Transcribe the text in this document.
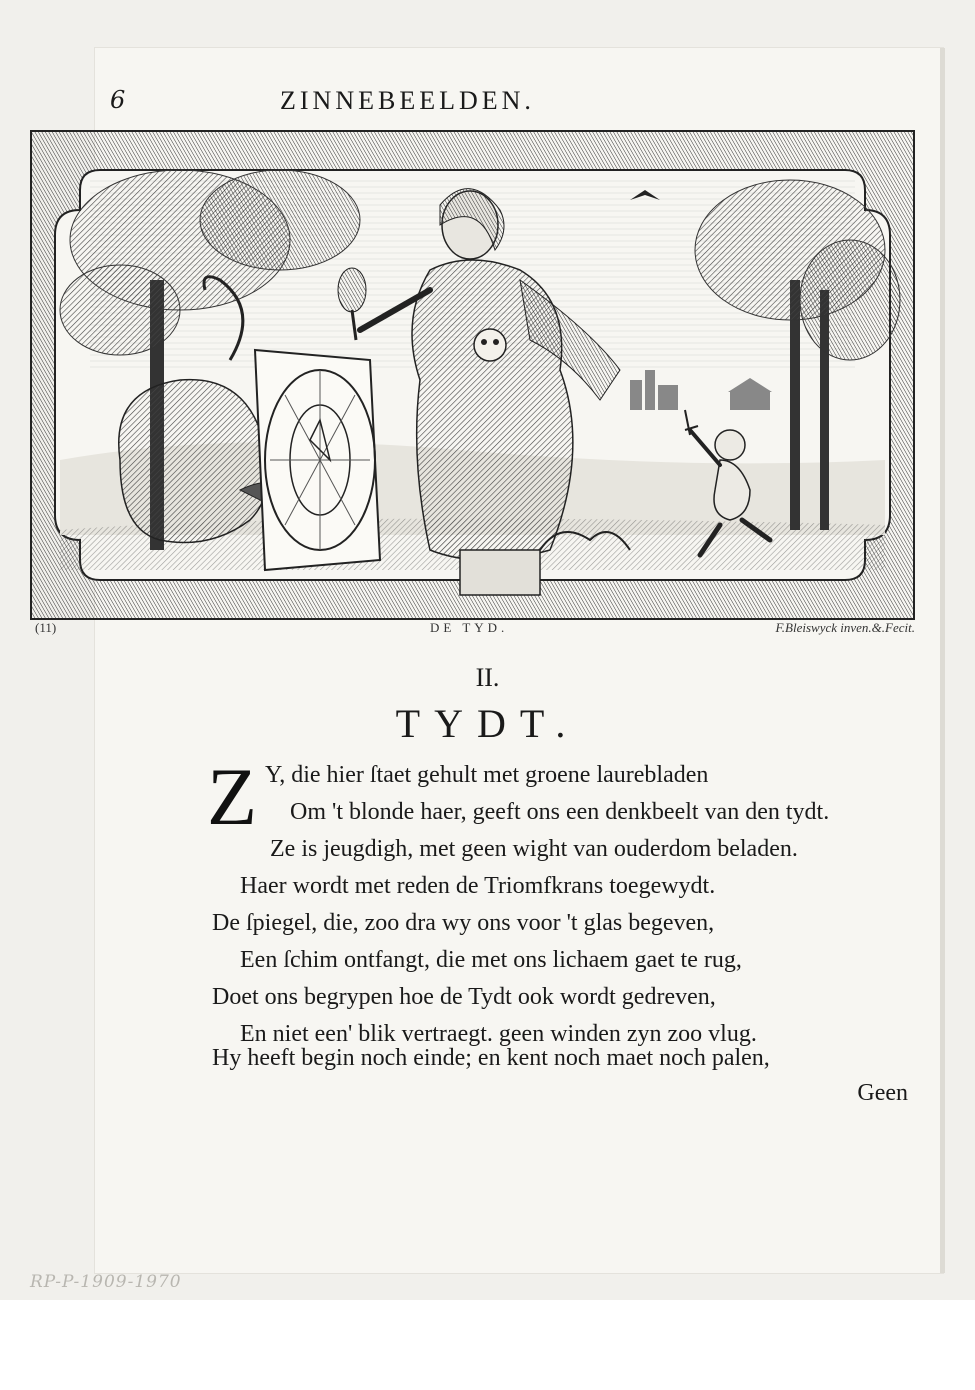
6	ZINNEBEELDEN.
(11)	DE TYD.	F.Bleiswyck inven.&.Fecit.
II.
TYDT.
Z Y, die hier ſtaet gehult met groene laurebladen
Om 't blonde haer, geeft ons een denkbeelt van den tydt.
Ze is jeugdigh, met geen wight van ouderdom beladen.
Haer wordt met reden de Triomfkrans toegewydt.
De ſpiegel, die, zoo dra wy ons voor 't glas begeven,
Een ſchim ontfangt, die met ons lichaem gaet te rug,
Doet ons begrypen hoe de Tydt ook wordt gedreven,
En niet een' blik vertraegt. geen winden zyn zoo vlug.
Hy heeft begin noch einde; en kent noch maet noch palen,
Geen
RP-P-1909-1970
